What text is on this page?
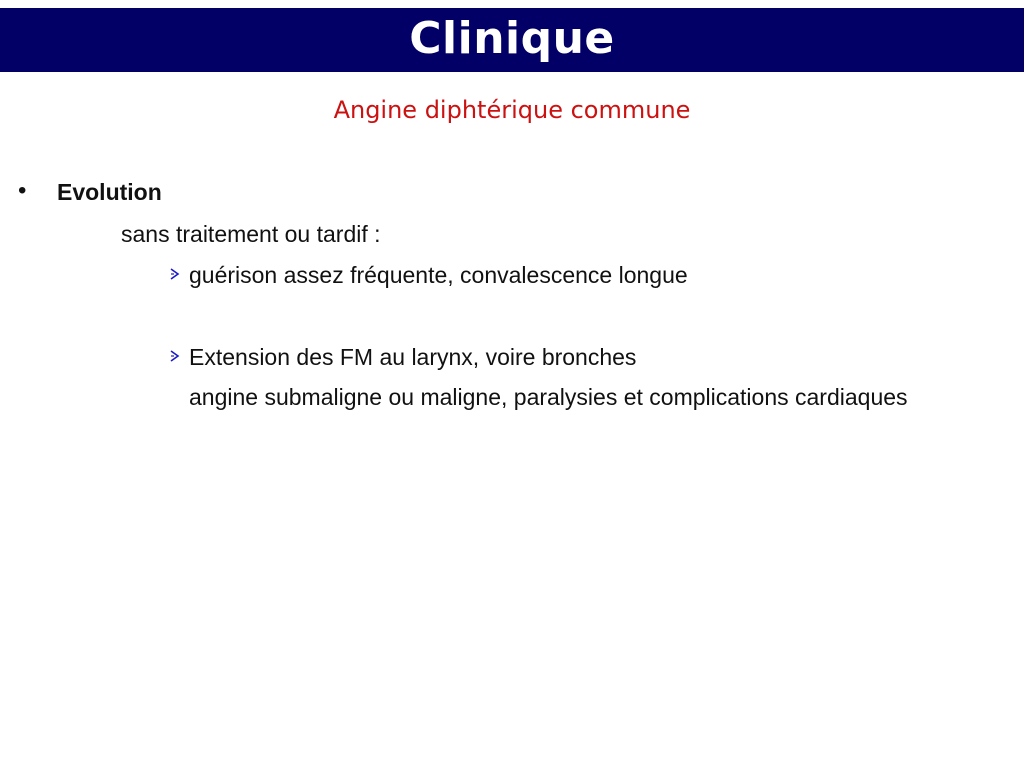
Clinique
Angine diphtérique commune
• Evolution
sans traitement ou tardif :
guérison assez fréquente, convalescence longue
Extension des FM au larynx, voire bronches
angine submaligne ou maligne, paralysies et complications cardiaques
